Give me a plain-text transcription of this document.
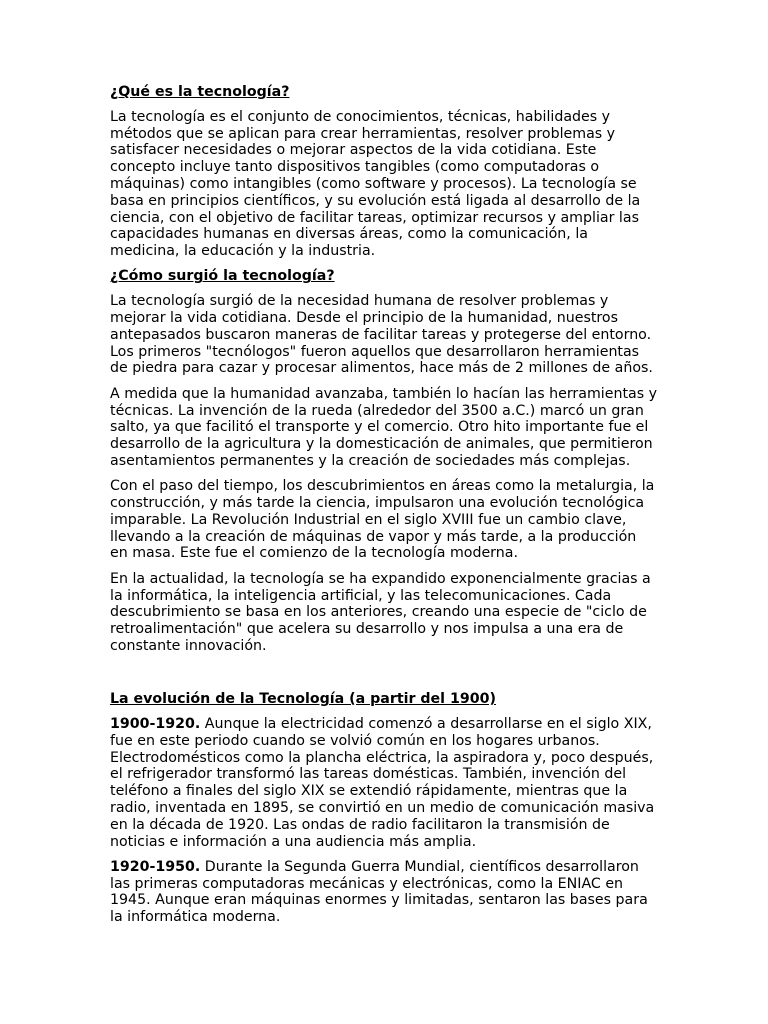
¿Qué es la tecnología?
La tecnología es el conjunto de conocimientos, técnicas, habilidades y
métodos que se aplican para crear herramientas, resolver problemas y
satisfacer necesidades o mejorar aspectos de la vida cotidiana. Este
concepto incluye tanto dispositivos tangibles (como computadoras o
máquinas) como intangibles (como software y procesos). La tecnología se
basa en principios científicos, y su evolución está ligada al desarrollo de la
ciencia, con el objetivo de facilitar tareas, optimizar recursos y ampliar las
capacidades humanas en diversas áreas, como la comunicación, la
medicina, la educación y la industria.
¿Cómo surgió la tecnología?
La tecnología surgió de la necesidad humana de resolver problemas y
mejorar la vida cotidiana. Desde el principio de la humanidad, nuestros
antepasados buscaron maneras de facilitar tareas y protegerse del entorno.
Los primeros "tecnólogos" fueron aquellos que desarrollaron herramientas
de piedra para cazar y procesar alimentos, hace más de 2 millones de años.
A medida que la humanidad avanzaba, también lo hacían las herramientas y
técnicas. La invención de la rueda (alrededor del 3500 a.C.) marcó un gran
salto, ya que facilitó el transporte y el comercio. Otro hito importante fue el
desarrollo de la agricultura y la domesticación de animales, que permitieron
asentamientos permanentes y la creación de sociedades más complejas.
Con el paso del tiempo, los descubrimientos en áreas como la metalurgia, la
construcción, y más tarde la ciencia, impulsaron una evolución tecnológica
imparable. La Revolución Industrial en el siglo XVIII fue un cambio clave,
llevando a la creación de máquinas de vapor y más tarde, a la producción
en masa. Este fue el comienzo de la tecnología moderna.
En la actualidad, la tecnología se ha expandido exponencialmente gracias a
la informática, la inteligencia artificial, y las telecomunicaciones. Cada
descubrimiento se basa en los anteriores, creando una especie de "ciclo de
retroalimentación" que acelera su desarrollo y nos impulsa a una era de
constante innovación.
La evolución de la Tecnología (a partir del 1900)
1900-1920. Aunque la electricidad comenzó a desarrollarse en el siglo XIX,
fue en este periodo cuando se volvió común en los hogares urbanos.
Electrodomésticos como la plancha eléctrica, la aspiradora y, poco después,
el refrigerador transformó las tareas domésticas. También, invención del
teléfono a finales del siglo XIX se extendió rápidamente, mientras que la
radio, inventada en 1895, se convirtió en un medio de comunicación masiva
en la década de 1920. Las ondas de radio facilitaron la transmisión de
noticias e información a una audiencia más amplia.
1920-1950. Durante la Segunda Guerra Mundial, científicos desarrollaron
las primeras computadoras mecánicas y electrónicas, como la ENIAC en
1945. Aunque eran máquinas enormes y limitadas, sentaron las bases para
la informática moderna.
